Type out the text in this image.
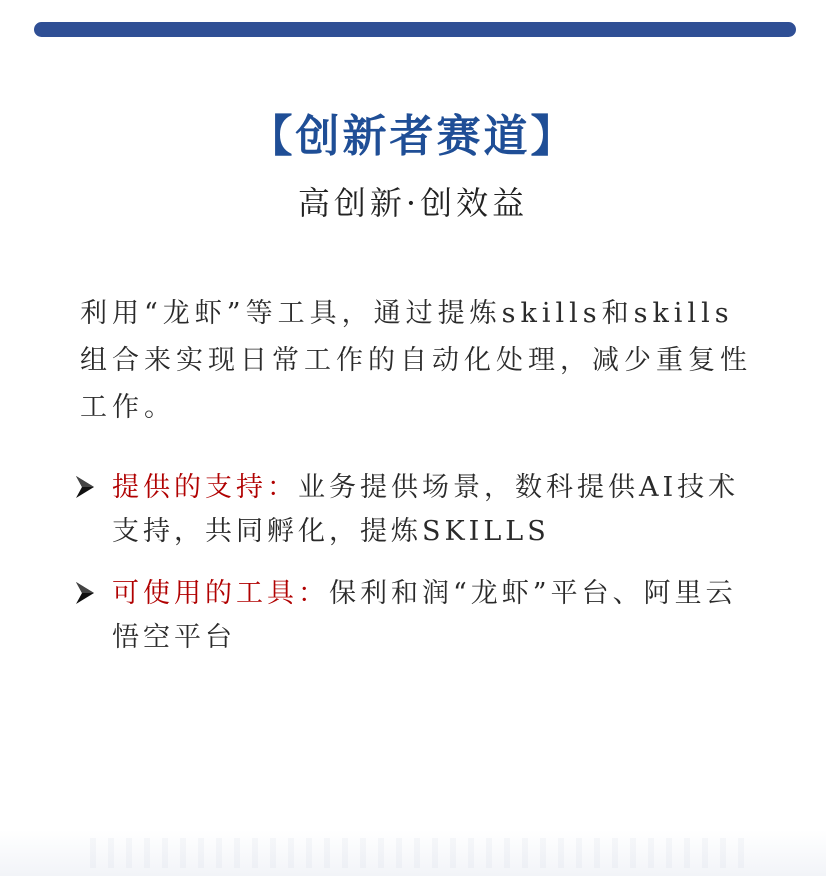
【创新者赛道】
高创新·创效益
利用“龙虾”等工具，通过提炼skills和skills组合来实现日常工作的自动化处理，减少重复性工作。
提供的支持：业务提供场景，数科提供AI技术支持，共同孵化，提炼SKILLS
可使用的工具：保利和润“龙虾”平台、阿里云悟空平台
